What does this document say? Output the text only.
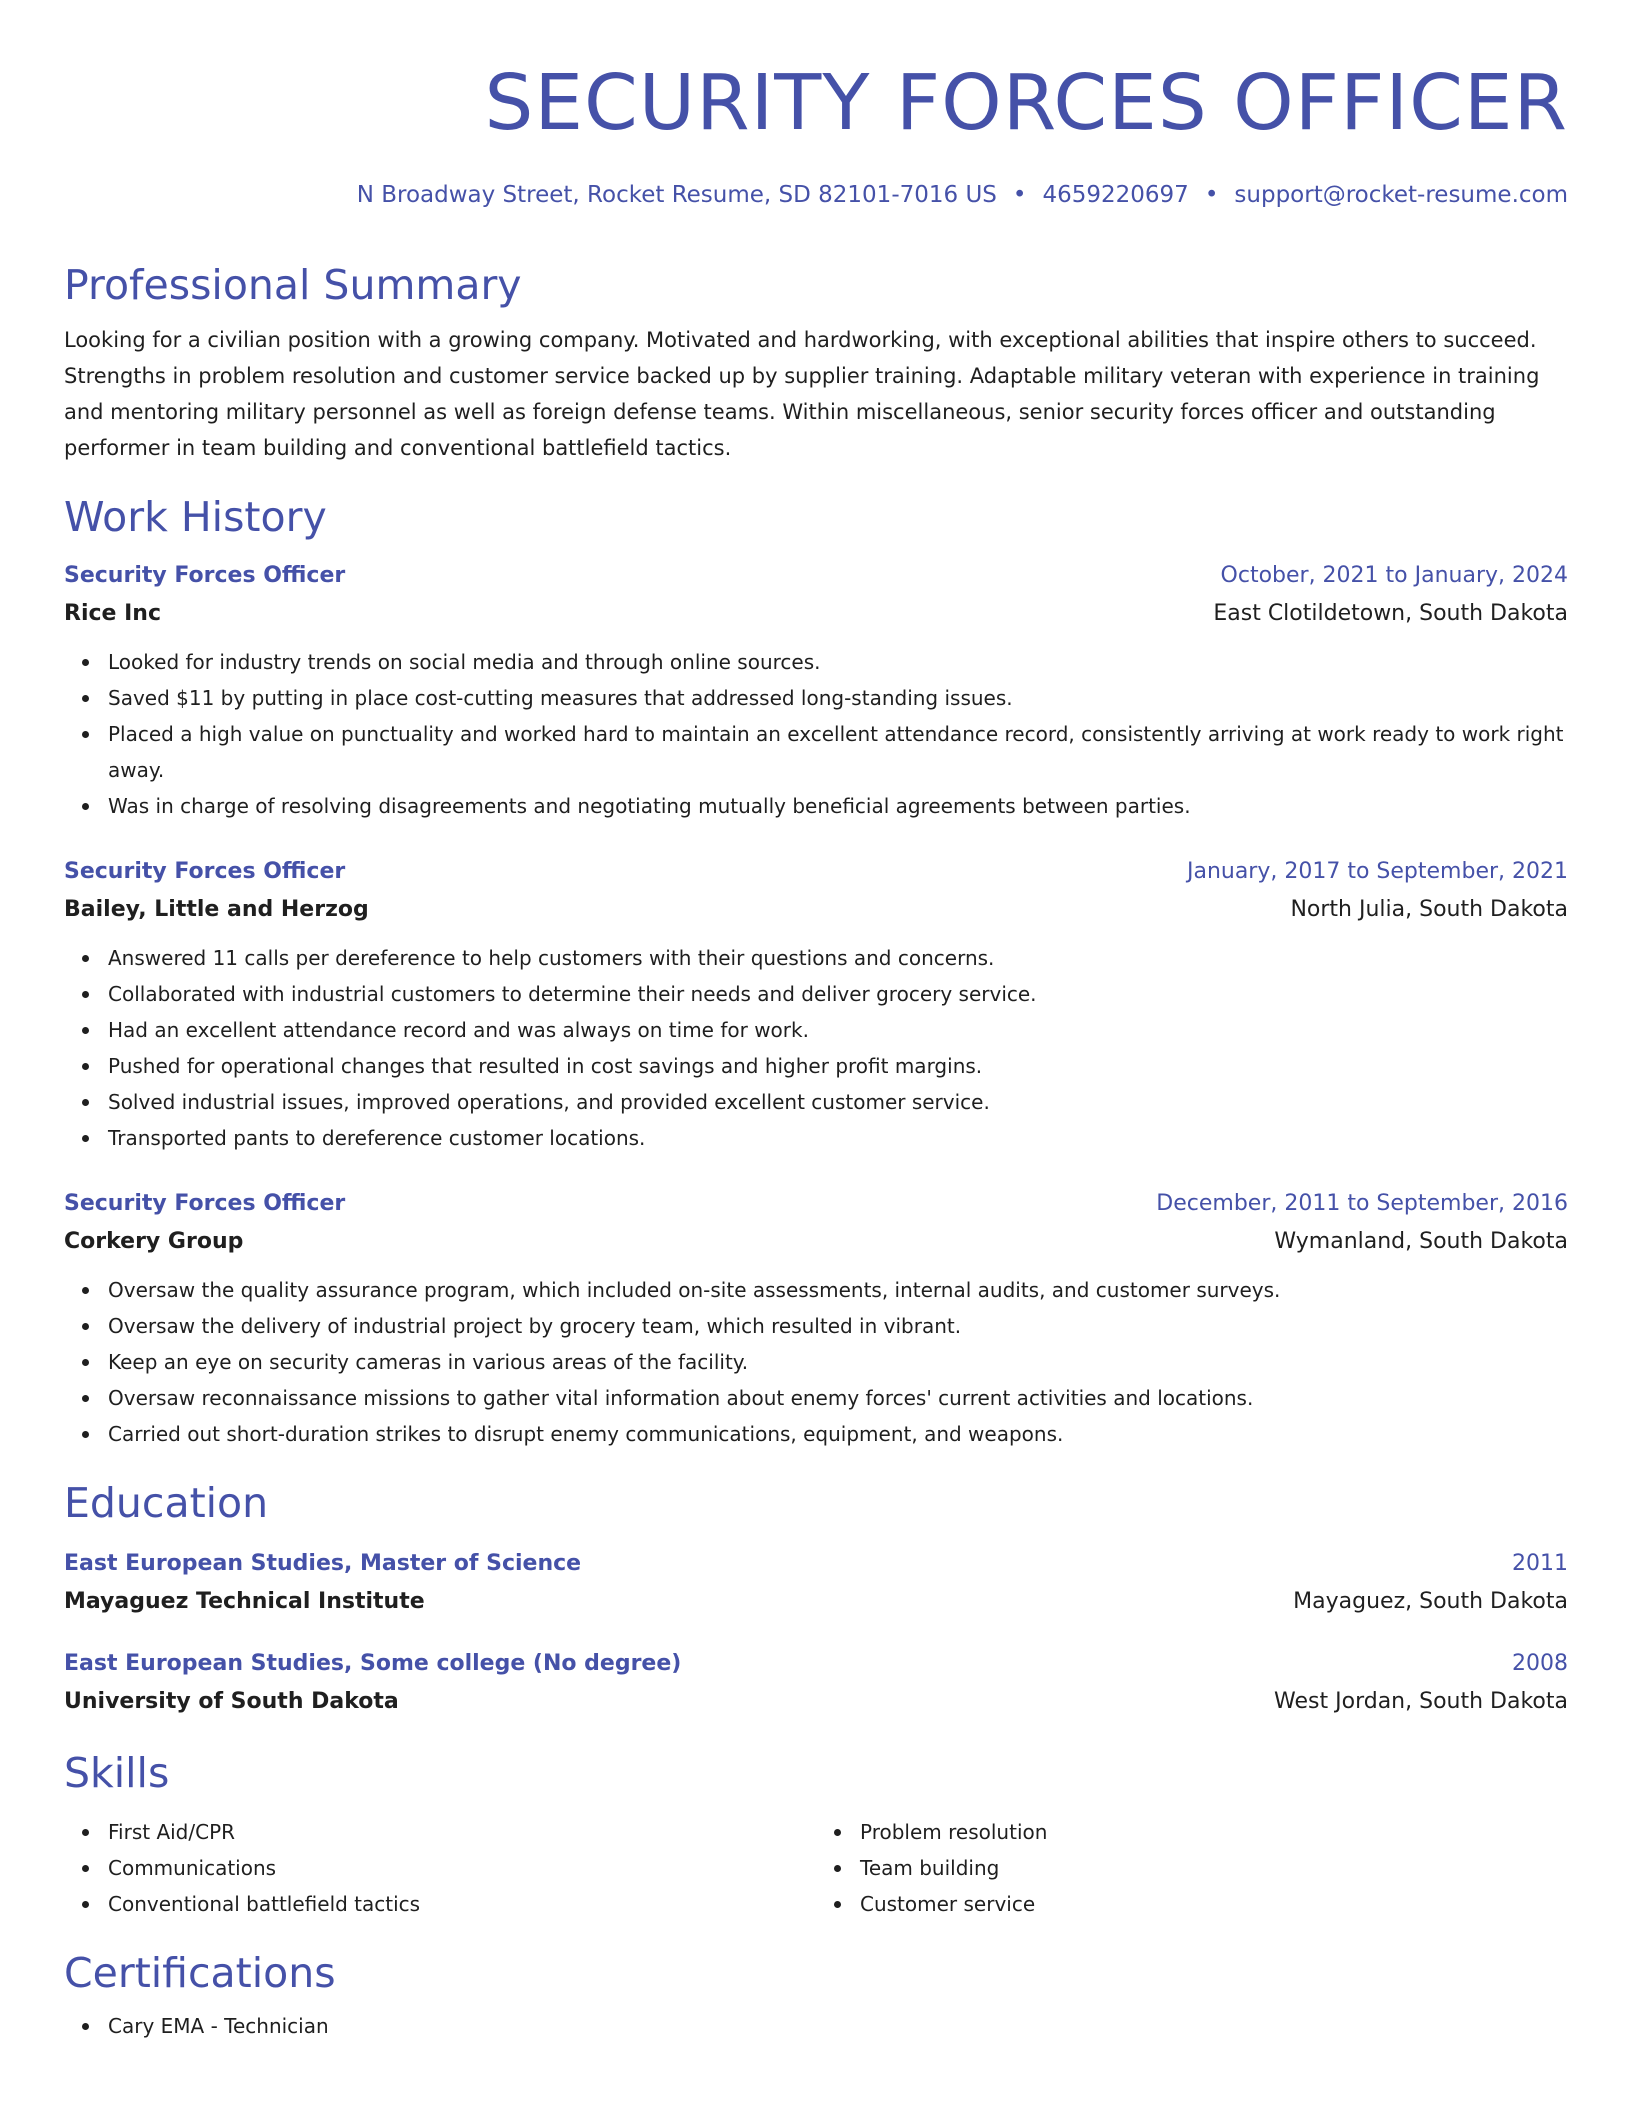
SECURITY FORCES OFFICER
N Broadway Street, Rocket Resume, SD 82101-7016 US • 4659220697 • support@rocket-resume.com
Professional Summary

Looking for a civilian position with a growing company. Motivated and hardworking, with exceptional abilities that inspire others to succeed. Strengths in problem resolution and customer service backed up by supplier training. Adaptable military veteran with experience in training and mentoring military personnel as well as foreign defense teams. Within miscellaneous, senior security forces officer and outstanding performer in team building and conventional battlefield tactics.

Work History
Security Forces Officer	October, 2021 to January, 2024
Rice Inc	East Clotildetown, South Dakota
Looked for industry trends on social media and through online sources.
Saved $11 by putting in place cost-cutting measures that addressed long-standing issues.
Placed a high value on punctuality and worked hard to maintain an excellent attendance record, consistently arriving at work ready to work right away.
Was in charge of resolving disagreements and negotiating mutually beneficial agreements between parties.
Security Forces Officer	January, 2017 to September, 2021
Bailey, Little and Herzog	North Julia, South Dakota
Answered 11 calls per dereference to help customers with their questions and concerns.
Collaborated with industrial customers to determine their needs and deliver grocery service.
Had an excellent attendance record and was always on time for work.
Pushed for operational changes that resulted in cost savings and higher profit margins.
Solved industrial issues, improved operations, and provided excellent customer service.
Transported pants to dereference customer locations.
Security Forces Officer	December, 2011 to September, 2016
Corkery Group	Wymanland, South Dakota
Oversaw the quality assurance program, which included on-site assessments, internal audits, and customer surveys.
Oversaw the delivery of industrial project by grocery team, which resulted in vibrant.
Keep an eye on security cameras in various areas of the facility.
Oversaw reconnaissance missions to gather vital information about enemy forces' current activities and locations.
Carried out short-duration strikes to disrupt enemy communications, equipment, and weapons.
Education
East European Studies, Master of Science	2011
Mayaguez Technical Institute	Mayaguez, South Dakota
East European Studies, Some college (No degree)	2008
University of South Dakota	West Jordan, South Dakota
Skills
First Aid/CPR
Communications
Conventional battlefield tactics
Problem resolution
Team building
Customer service
Certifications
Cary EMA - Technician
